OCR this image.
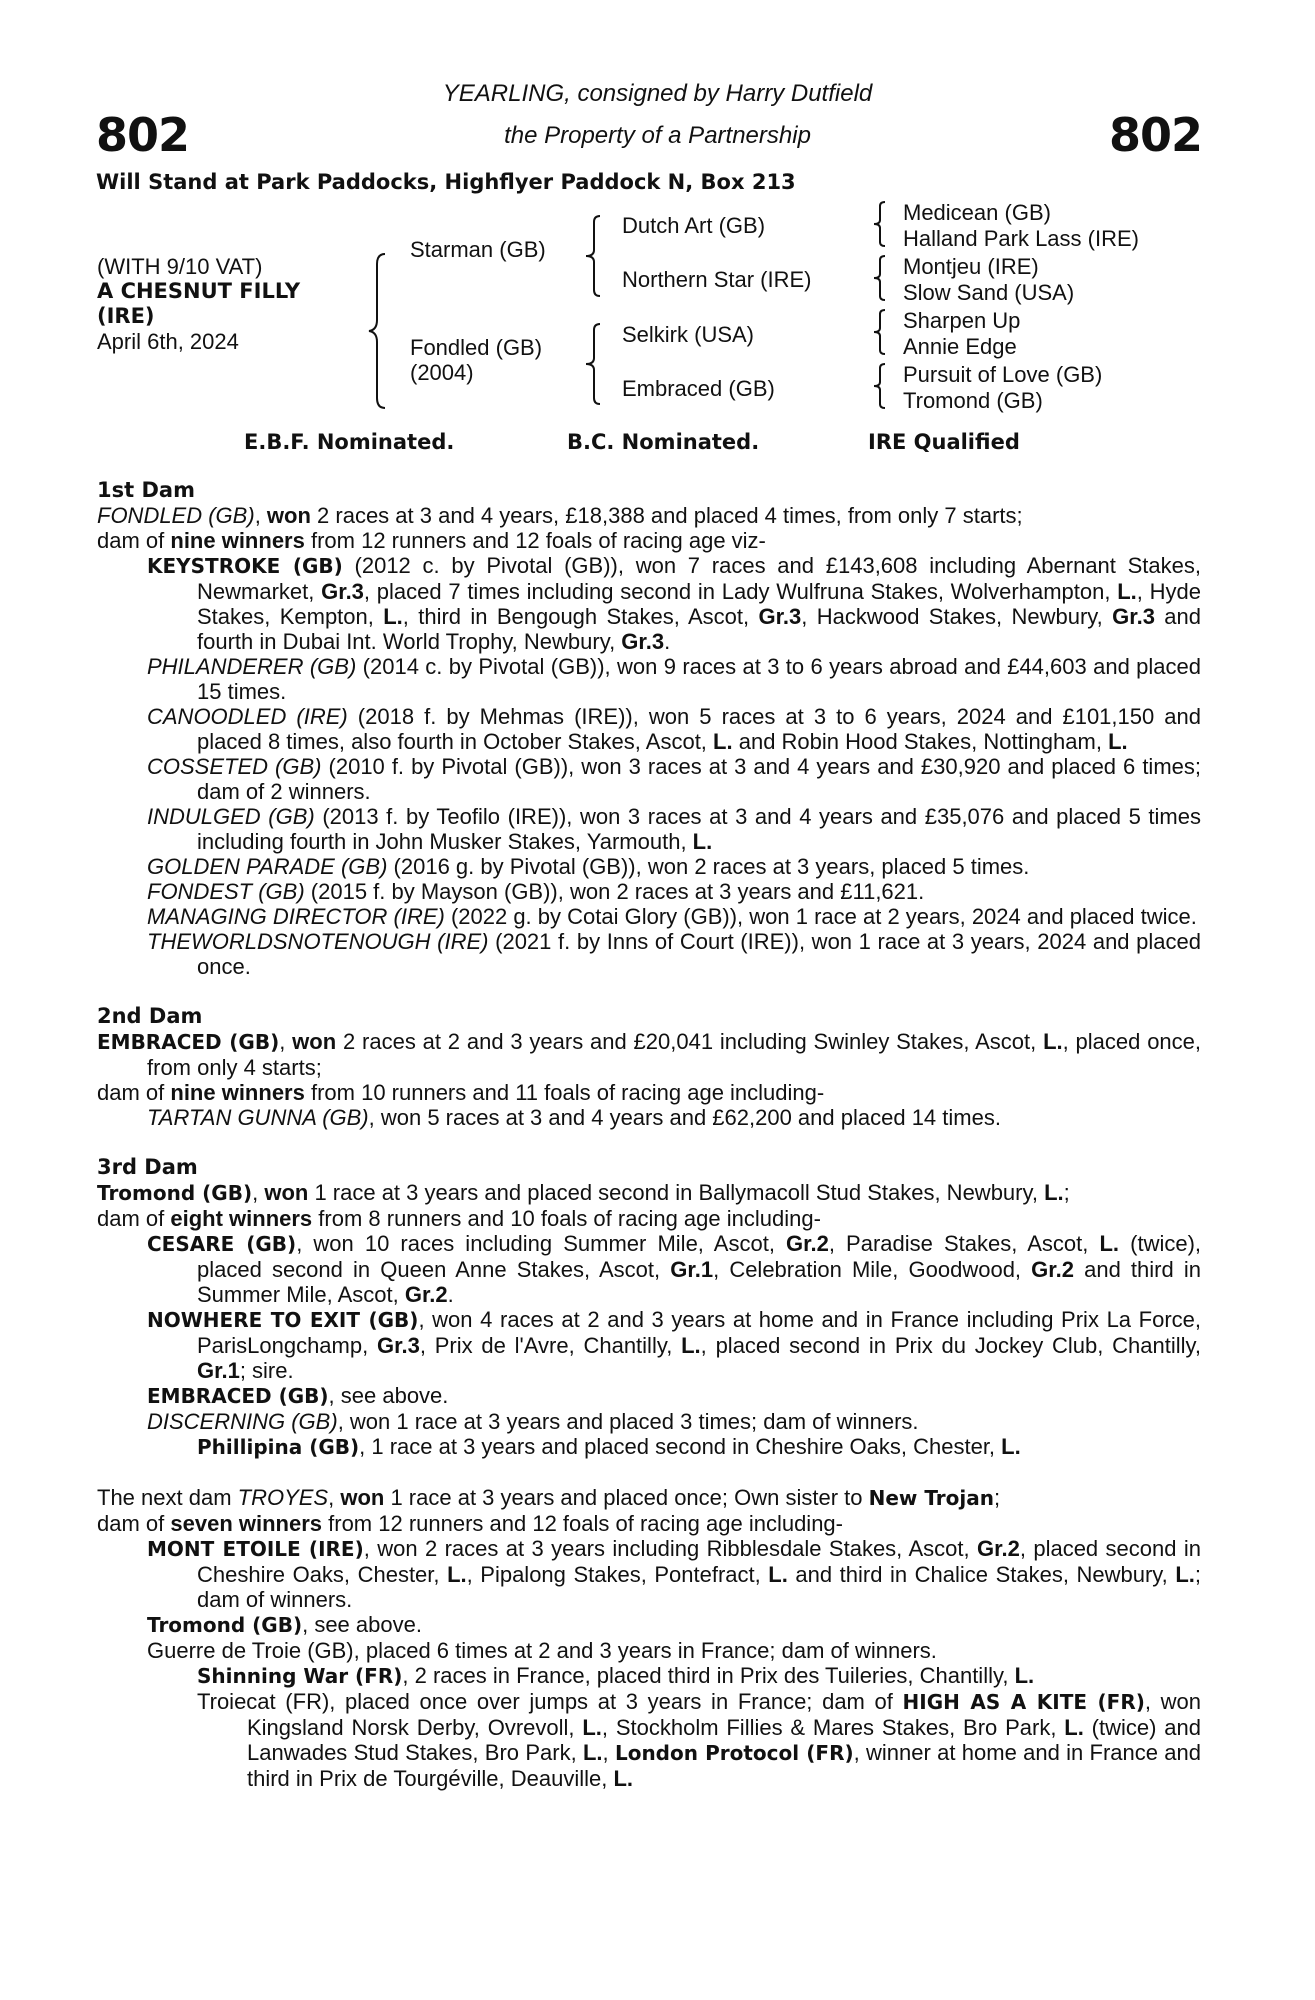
802	802
YEARLING, consigned by Harry Dutfield
the Property of a Partnership
Will Stand at Park Paddocks, Highflyer Paddock N, Box 213
(WITH 9/10 VAT)
A CHESNUT FILLY
(IRE)
April 6th, 2024
Starman (GB)
Fondled (GB)
(2004)
Dutch Art (GB)
Northern Star (IRE)
Selkirk (USA)
Embraced (GB)
Medicean (GB)
Halland Park Lass (IRE)
Montjeu (IRE)
Slow Sand (USA)
Sharpen Up
Annie Edge
Pursuit of Love (GB)
Tromond (GB)
E.B.F. Nominated.	B.C. Nominated.	IRE Qualified
1st Dam
FONDLED (GB), won 2 races at 3 and 4 years, £18,388 and placed 4 times, from only 7 starts;
dam of nine winners from 12 runners and 12 foals of racing age viz-
KEYSTROKE (GB) (2012 c. by Pivotal (GB)), won 7 races and £143,608 including Abernant Stakes, Newmarket, Gr.3, placed 7 times including second in Lady Wulfruna Stakes, Wolverhampton, L., Hyde Stakes, Kempton, L., third in Bengough Stakes, Ascot, Gr.3, Hackwood Stakes, Newbury, Gr.3 and fourth in Dubai Int. World Trophy, Newbury, Gr.3.
PHILANDERER (GB) (2014 c. by Pivotal (GB)), won 9 races at 3 to 6 years abroad and £44,603 and placed 15 times.
CANOODLED (IRE) (2018 f. by Mehmas (IRE)), won 5 races at 3 to 6 years, 2024 and £101,150 and placed 8 times, also fourth in October Stakes, Ascot, L. and Robin Hood Stakes, Nottingham, L.
COSSETED (GB) (2010 f. by Pivotal (GB)), won 3 races at 3 and 4 years and £30,920 and placed 6 times; dam of 2 winners.
INDULGED (GB) (2013 f. by Teofilo (IRE)), won 3 races at 3 and 4 years and £35,076 and placed 5 times including fourth in John Musker Stakes, Yarmouth, L.
GOLDEN PARADE (GB) (2016 g. by Pivotal (GB)), won 2 races at 3 years, placed 5 times.
FONDEST (GB) (2015 f. by Mayson (GB)), won 2 races at 3 years and £11,621.
MANAGING DIRECTOR (IRE) (2022 g. by Cotai Glory (GB)), won 1 race at 2 years, 2024 and placed twice.
THEWORLDSNOTENOUGH (IRE) (2021 f. by Inns of Court (IRE)), won 1 race at 3 years, 2024 and placed once.
2nd Dam
EMBRACED (GB), won 2 races at 2 and 3 years and £20,041 including Swinley Stakes, Ascot, L., placed once, from only 4 starts;
dam of nine winners from 10 runners and 11 foals of racing age including-
TARTAN GUNNA (GB), won 5 races at 3 and 4 years and £62,200 and placed 14 times.
3rd Dam
Tromond (GB), won 1 race at 3 years and placed second in Ballymacoll Stud Stakes, Newbury, L.;
dam of eight winners from 8 runners and 10 foals of racing age including-
CESARE (GB), won 10 races including Summer Mile, Ascot, Gr.2, Paradise Stakes, Ascot, L. (twice), placed second in Queen Anne Stakes, Ascot, Gr.1, Celebration Mile, Goodwood, Gr.2 and third in Summer Mile, Ascot, Gr.2.
NOWHERE TO EXIT (GB), won 4 races at 2 and 3 years at home and in France including Prix La Force, ParisLongchamp, Gr.3, Prix de l'Avre, Chantilly, L., placed second in Prix du Jockey Club, Chantilly, Gr.1; sire.
EMBRACED (GB), see above.
DISCERNING (GB), won 1 race at 3 years and placed 3 times; dam of winners.
Phillipina (GB), 1 race at 3 years and placed second in Cheshire Oaks, Chester, L.
The next dam TROYES, won 1 race at 3 years and placed once; Own sister to New Trojan;
dam of seven winners from 12 runners and 12 foals of racing age including-
MONT ETOILE (IRE), won 2 races at 3 years including Ribblesdale Stakes, Ascot, Gr.2, placed second in Cheshire Oaks, Chester, L., Pipalong Stakes, Pontefract, L. and third in Chalice Stakes, Newbury, L.; dam of winners.
Tromond (GB), see above.
Guerre de Troie (GB), placed 6 times at 2 and 3 years in France; dam of winners.
Shinning War (FR), 2 races in France, placed third in Prix des Tuileries, Chantilly, L.
Troiecat (FR), placed once over jumps at 3 years in France; dam of HIGH AS A KITE (FR), won Kingsland Norsk Derby, Ovrevoll, L., Stockholm Fillies & Mares Stakes, Bro Park, L. (twice) and Lanwades Stud Stakes, Bro Park, L., London Protocol (FR), winner at home and in France and third in Prix de Tourgéville, Deauville, L.
